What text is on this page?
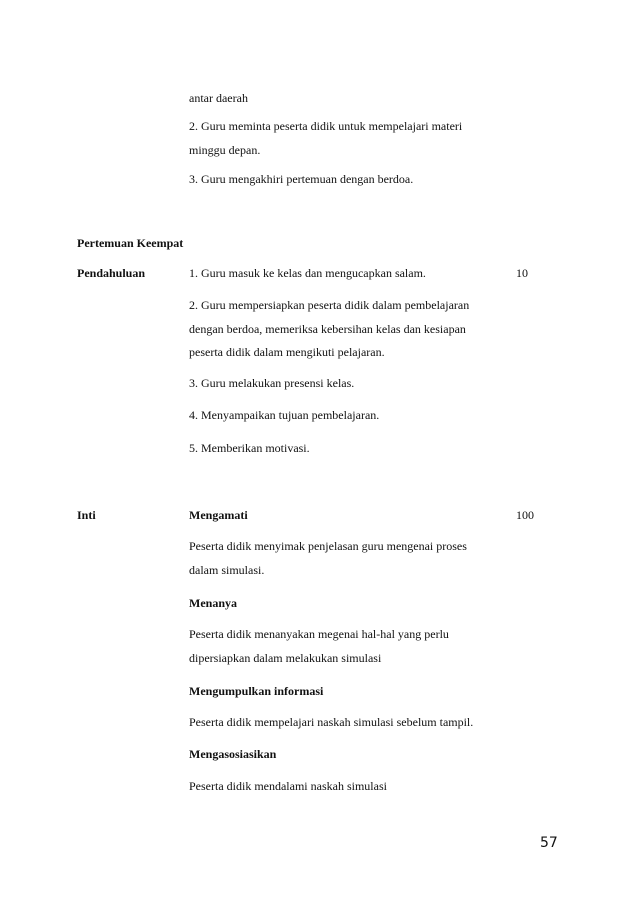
antar daerah
2. Guru meminta peserta didik untuk mempelajari materi
minggu depan.
3. Guru mengakhiri pertemuan dengan berdoa.
Pertemuan Keempat
Pendahuluan	1. Guru masuk ke kelas dan mengucapkan salam.	10
2. Guru mempersiapkan peserta didik dalam pembelajaran
dengan berdoa, memeriksa kebersihan kelas dan kesiapan
peserta didik dalam mengikuti pelajaran.
3. Guru melakukan presensi kelas.
4. Menyampaikan tujuan pembelajaran.
5. Memberikan motivasi.
Inti	Mengamati	100
Peserta didik menyimak penjelasan guru mengenai proses
dalam simulasi.
Menanya
Peserta didik menanyakan megenai hal-hal yang perlu
dipersiapkan dalam melakukan simulasi
Mengumpulkan informasi
Peserta didik mempelajari naskah simulasi sebelum tampil.
Mengasosiasikan
Peserta didik mendalami naskah simulasi
57
